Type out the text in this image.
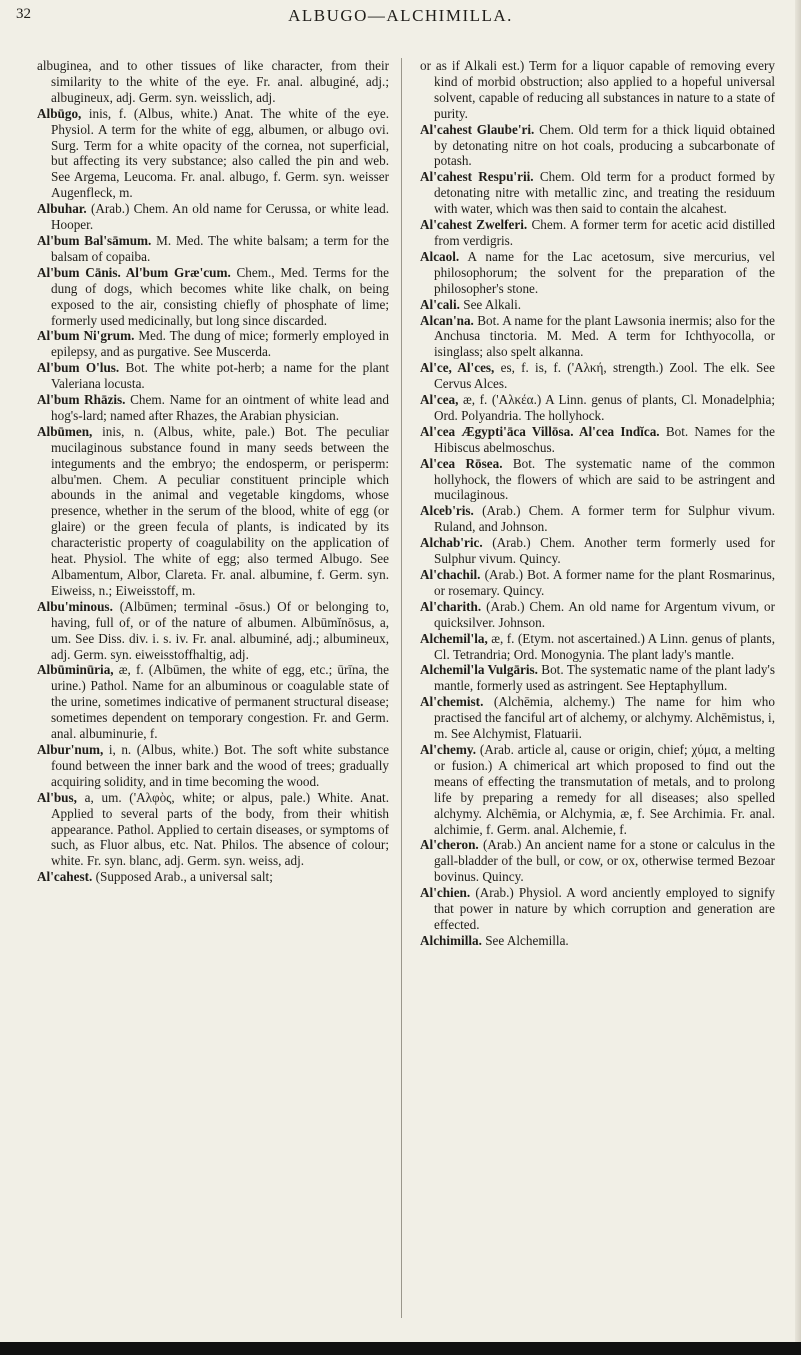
32	ALBUGO—ALCHIMILLA.

albuginea, and to other tissues of like character, from their similarity to the white of the eye. Fr. anal. albuginé, adj.; albugineux, adj. Germ. syn. weisslich, adj.

Albūgo, inis, f. (Albus, white.) Anat. The white of the eye. Physiol. A term for the white of egg, albumen, or albugo ovi. Surg. Term for a white opacity of the cornea, not superficial, but affecting its very substance; also called the pin and web. See Argema, Leucoma. Fr. anal. albugo, f. Germ. syn. weisser Augenfleck, m.

Albuhar. (Arab.) Chem. An old name for Cerussa, or white lead. Hooper.

Al'bum Bal'sāmum. M. Med. The white balsam; a term for the balsam of copaiba.

Al'bum Cānis. Al'bum Græ'cum. Chem., Med. Terms for the dung of dogs, which becomes white like chalk, on being exposed to the air, consisting chiefly of phosphate of lime; formerly used medicinally, but long since discarded.

Al'bum Ni'grum. Med. The dung of mice; formerly employed in epilepsy, and as purgative. See Muscerda.

Al'bum O'lus. Bot. The white pot-herb; a name for the plant Valeriana locusta.

Al'bum Rhāzis. Chem. Name for an ointment of white lead and hog's-lard; named after Rhazes, the Arabian physician.

Albūmen, inis, n. (Albus, white, pale.) Bot. The peculiar mucilaginous substance found in many seeds between the integuments and the embryo; the endosperm, or perisperm: albu'men. Chem. A peculiar constituent principle which abounds in the animal and vegetable kingdoms, whose presence, whether in the serum of the blood, white of egg (or glaire) or the green fecula of plants, is indicated by its characteristic property of coagulability on the application of heat. Physiol. The white of egg; also termed Albugo. See Albamentum, Albor, Clareta. Fr. anal. albumine, f. Germ. syn. Eiweiss, n.; Eiweisstoff, m.

Albu'minous. (Albūmen; terminal -ōsus.) Of or belonging to, having, full of, or of the nature of albumen. Albūmĭnōsus, a, um. See Diss. div. i. s. iv. Fr. anal. albuminé, adj.; albumineux, adj. Germ. syn. eiweisstoffhaltig, adj.

Albūminūria, æ, f. (Albūmen, the white of egg, etc.; ūrīna, the urine.) Pathol. Name for an albuminous or coagulable state of the urine, sometimes indicative of permanent structural disease; sometimes dependent on temporary congestion. Fr. and Germ. anal. albuminurie, f.

Albur'num, i, n. (Albus, white.) Bot. The soft white substance found between the inner bark and the wood of trees; gradually acquiring solidity, and in time becoming the wood.

Al'bus, a, um. ('Αλφὸς, white; or alpus, pale.) White. Anat. Applied to several parts of the body, from their whitish appearance. Pathol. Applied to certain diseases, or symptoms of such, as Fluor albus, etc. Nat. Philos. The absence of colour; white. Fr. syn. blanc, adj. Germ. syn. weiss, adj.

Al'cahest. (Supposed Arab., a universal salt;

or as if Alkali est.) Term for a liquor capable of removing every kind of morbid obstruction; also applied to a hopeful universal solvent, capable of reducing all substances in nature to a state of purity.

Al'cahest Glaube'ri. Chem. Old term for a thick liquid obtained by detonating nitre on hot coals, producing a subcarbonate of potash.

Al'cahest Respu'rii. Chem. Old term for a product formed by detonating nitre with metallic zinc, and treating the residuum with water, which was then said to contain the alcahest.

Al'cahest Zwelferi. Chem. A former term for acetic acid distilled from verdigris.

Alcaol. A name for the Lac acetosum, sive mercurius, vel philosophorum; the solvent for the preparation of the philosopher's stone.

Al'cali. See Alkali.

Alcan'na. Bot. A name for the plant Lawsonia inermis; also for the Anchusa tinctoria. M. Med. A term for Ichthyocolla, or isinglass; also spelt alkanna.

Al'ce, Al'ces, es, f. is, f. ('Αλκή, strength.) Zool. The elk. See Cervus Alces.

Al'cea, æ, f. ('Αλκέα.) A Linn. genus of plants, Cl. Monadelphia; Ord. Polyandria. The hollyhock.

Al'cea Ægypti'āca Villōsa. Al'cea Indĭca. Bot. Names for the Hibiscus abelmoschus.

Al'cea Rōsea. Bot. The systematic name of the common hollyhock, the flowers of which are said to be astringent and mucilaginous.

Alceb'ris. (Arab.) Chem. A former term for Sulphur vivum. Ruland, and Johnson.

Alchab'ric. (Arab.) Chem. Another term formerly used for Sulphur vivum. Quincy.

Al'chachil. (Arab.) Bot. A former name for the plant Rosmarinus, or rosemary. Quincy.

Al'charith. (Arab.) Chem. An old name for Argentum vivum, or quicksilver. Johnson.

Alchemil'la, æ, f. (Etym. not ascertained.) A Linn. genus of plants, Cl. Tetrandria; Ord. Monogynia. The plant lady's mantle.

Alchemil'la Vulgāris. Bot. The systematic name of the plant lady's mantle, formerly used as astringent. See Heptaphyllum.

Al'chemist. (Alchēmia, alchemy.) The name for him who practised the fanciful art of alchemy, or alchymy. Alchēmistus, i, m. See Alchymist, Flatuarii.

Al'chemy. (Arab. article al, cause or origin, chief; χύμα, a melting or fusion.) A chimerical art which proposed to find out the means of effecting the transmutation of metals, and to prolong life by preparing a remedy for all diseases; also spelled alchymy. Alchēmia, or Alchymia, æ, f. See Archimia. Fr. anal. alchimie, f. Germ. anal. Alchemie, f.

Al'cheron. (Arab.) An ancient name for a stone or calculus in the gall-bladder of the bull, or cow, or ox, otherwise termed Bezoar bovinus. Quincy.

Al'chien. (Arab.) Physiol. A word anciently employed to signify that power in nature by which corruption and generation are effected.

Alchimilla. See Alchemilla.
